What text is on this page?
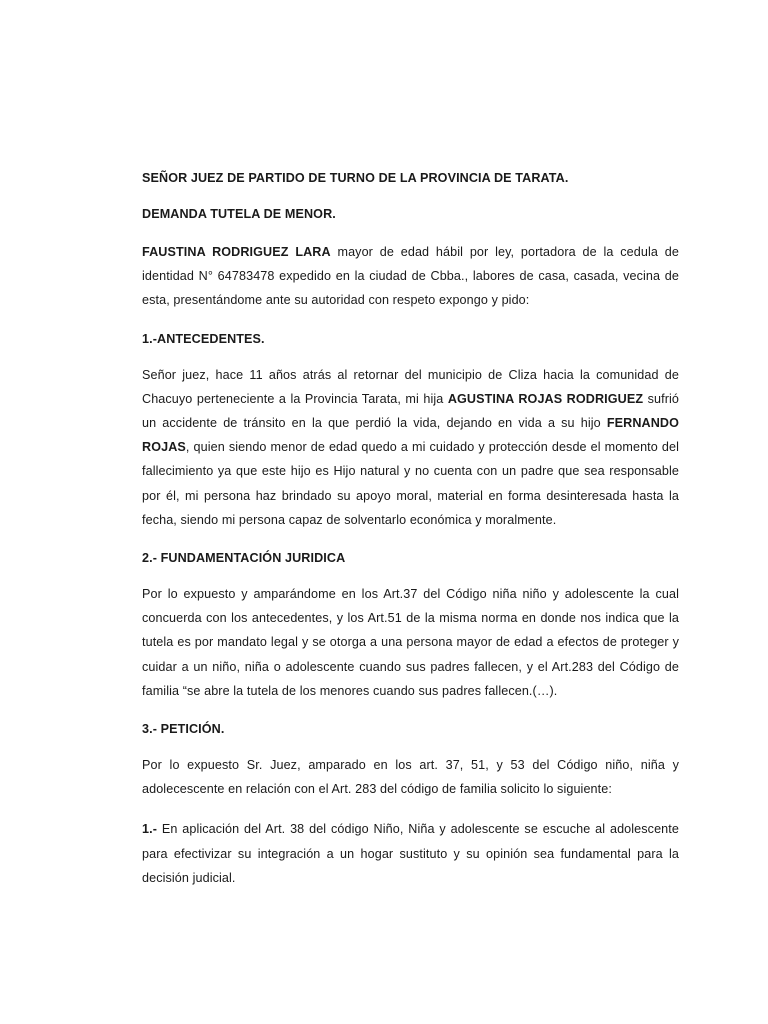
SEÑOR JUEZ DE PARTIDO DE TURNO DE LA PROVINCIA DE TARATA.
DEMANDA TUTELA DE MENOR.

FAUSTINA RODRIGUEZ LARA mayor de edad hábil por ley, portadora de la cedula de identidad N° 64783478 expedido en la ciudad de Cbba., labores de casa, casada, vecina de esta, presentándome ante su autoridad con respeto expongo y pido:

1.-ANTECEDENTES.

Señor juez, hace 11 años atrás al retornar del municipio de Cliza hacia la comunidad de Chacuyo perteneciente a la Provincia Tarata, mi hija AGUSTINA ROJAS RODRIGUEZ sufrió un accidente de tránsito en la que perdió la vida, dejando en vida a su hijo FERNANDO ROJAS, quien siendo menor de edad quedo a mi cuidado y protección desde el momento del fallecimiento ya que este hijo es Hijo natural y no cuenta con un padre que sea responsable por él, mi persona haz brindado su apoyo moral, material en forma desinteresada hasta la fecha, siendo mi persona capaz de solventarlo económica y moralmente.

2.- FUNDAMENTACIÓN JURIDICA

Por lo expuesto y amparándome en los Art.37 del Código niña niño y adolescente la cual concuerda con los antecedentes, y los Art.51 de la misma norma en donde nos indica que la tutela es por mandato legal y se otorga a una persona mayor de edad a efectos de proteger y cuidar a un niño, niña o adolescente cuando sus padres fallecen, y el Art.283 del Código de familia “se abre la tutela de los menores cuando sus padres fallecen.(…).

3.- PETICIÓN.

Por lo expuesto Sr. Juez, amparado en los art. 37, 51, y 53 del Código niño, niña y adolecescente en relación con el Art. 283 del código de familia solicito lo siguiente:

1.- En aplicación del Art. 38 del código Niño, Niña y adolescente se escuche al adolescente para efectivizar su integración a un hogar sustituto y su opinión sea fundamental para la decisión judicial.
